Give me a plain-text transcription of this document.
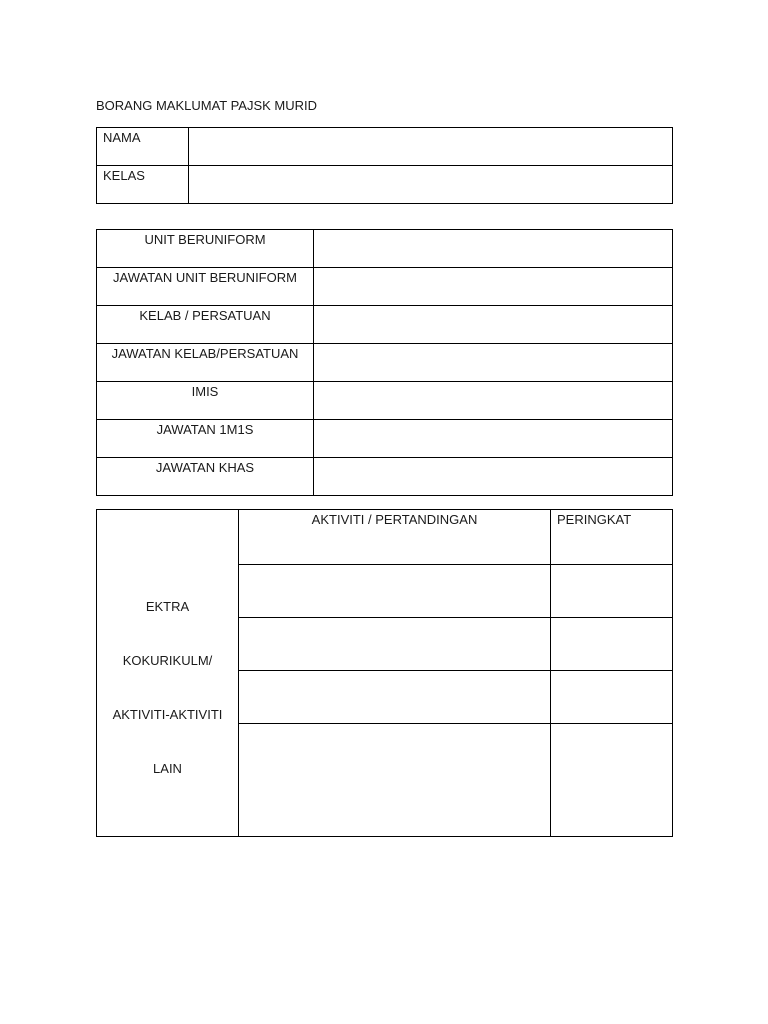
BORANG MAKLUMAT PAJSK MURID
NAMA	
KELAS	
UNIT BERUNIFORM	
JAWATAN UNIT BERUNIFORM	
KELAB / PERSATUAN	
JAWATAN KELAB/PERSATUAN	
IMIS	
JAWATAN 1M1S	
JAWATAN KHAS	
EKTRA
KOKURIKULM/
AKTIVITI-AKTIVITI
LAIN	AKTIVITI / PERTANDINGAN	PERINGKAT
